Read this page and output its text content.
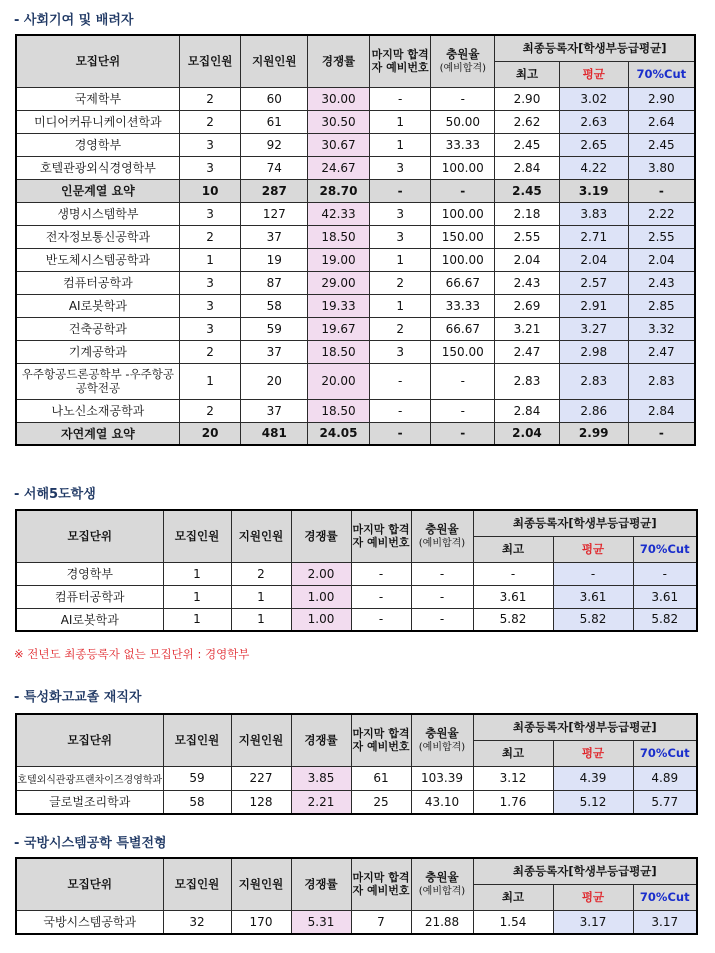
- 사회기여 및 배려자
모집단위	모집인원	지원인원	경쟁률	마지막 합격자 예비번호	충원율
(예비합격)	최종등록자[학생부등급평균]		
						최고	평균	70%Cut
국제학부	2	60	30.00	-	-	2.90	3.02	2.90
미디어커뮤니케이션학과	2	61	30.50	1	50.00	2.62	2.63	2.64
경영학부	3	92	30.67	1	33.33	2.45	2.65	2.45
호텔관광외식경영학부	3	74	24.67	3	100.00	2.84	4.22	3.80
인문계열 요약	10	287	28.70	-	-	2.45	3.19	-
생명시스템학부	3	127	42.33	3	100.00	2.18	3.83	2.22
전자정보통신공학과	2	37	18.50	3	150.00	2.55	2.71	2.55
반도체시스템공학과	1	19	19.00	1	100.00	2.04	2.04	2.04
컴퓨터공학과	3	87	29.00	2	66.67	2.43	2.57	2.43
AI로봇학과	3	58	19.33	1	33.33	2.69	2.91	2.85
건축공학과	3	59	19.67	2	66.67	3.21	3.27	3.32
기계공학과	2	37	18.50	3	150.00	2.47	2.98	2.47
우주항공드론공학부 -우주항공공학전공	1	20	20.00	-	-	2.83	2.83	2.83
나노신소재공학과	2	37	18.50	-	-	2.84	2.86	2.84
자연계열 요약	20	481	24.05	-	-	2.04	2.99	-
- 서해5도학생
모집단위	모집인원	지원인원	경쟁률	마지막 합격자 예비번호	충원율
(예비합격)	최종등록자[학생부등급평균]		
						최고	평균	70%Cut
경영학부	1	2	2.00	-	-	-	-	-
컴퓨터공학과	1	1	1.00	-	-	3.61	3.61	3.61
AI로봇학과	1	1	1.00	-	-	5.82	5.82	5.82
※ 전년도 최종등록자 없는 모집단위 : 경영학부
- 특성화고교졸 재직자
모집단위	모집인원	지원인원	경쟁률	마지막 합격자 예비번호	충원율
(예비합격)	최종등록자[학생부등급평균]		
						최고	평균	70%Cut
호텔외식관광프랜차이즈경영학과	59	227	3.85	61	103.39	3.12	4.39	4.89
글로벌조리학과	58	128	2.21	25	43.10	1.76	5.12	5.77
- 국방시스템공학 특별전형
모집단위	모집인원	지원인원	경쟁률	마지막 합격자 예비번호	충원율
(예비합격)	최종등록자[학생부등급평균]		
						최고	평균	70%Cut
국방시스템공학과	32	170	5.31	7	21.88	1.54	3.17	3.17
